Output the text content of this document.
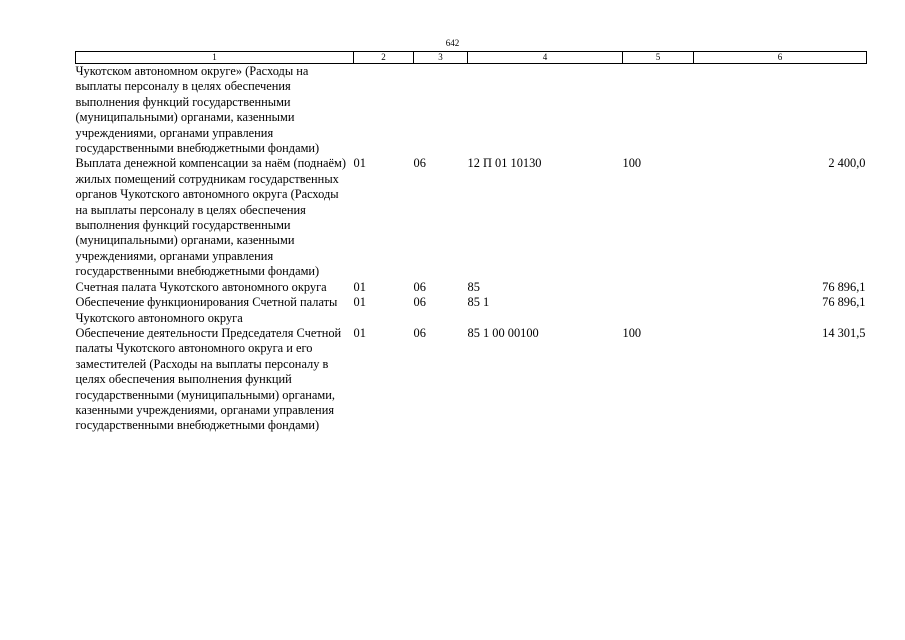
642
1	2	3	4	5	6
Чукотском автономном округе» (Расходы на выплаты персоналу в целях обеспечения выполнения функций государственными (муниципальными) органами, казенными учреждениями, органами управления государственными внебюджетными фондами)					
Выплата денежной компенсации за наём (поднаём) жилых помещений сотрудникам государственных органов Чукотского автономного округа (Расходы на выплаты персоналу в целях обеспечения выполнения функций государственными (муниципальными) органами, казенными учреждениями, органами управления государственными внебюджетными фондами)	01	06	12 П 01 10130	100	2 400,0
Счетная палата Чукотского автономного округа	01	06	85		76 896,1
Обеспечение функционирования Счетной палаты Чукотского автономного округа	01	06	85 1		76 896,1
Обеспечение деятельности Председателя Счетной палаты Чукотского автономного округа и его заместителей (Расходы на выплаты персоналу в целях обеспечения выполнения функций государственными (муниципальными) органами, казенными учреждениями, органами управления государственными внебюджетными фондами)	01	06	85 1 00 00100	100	14 301,5
